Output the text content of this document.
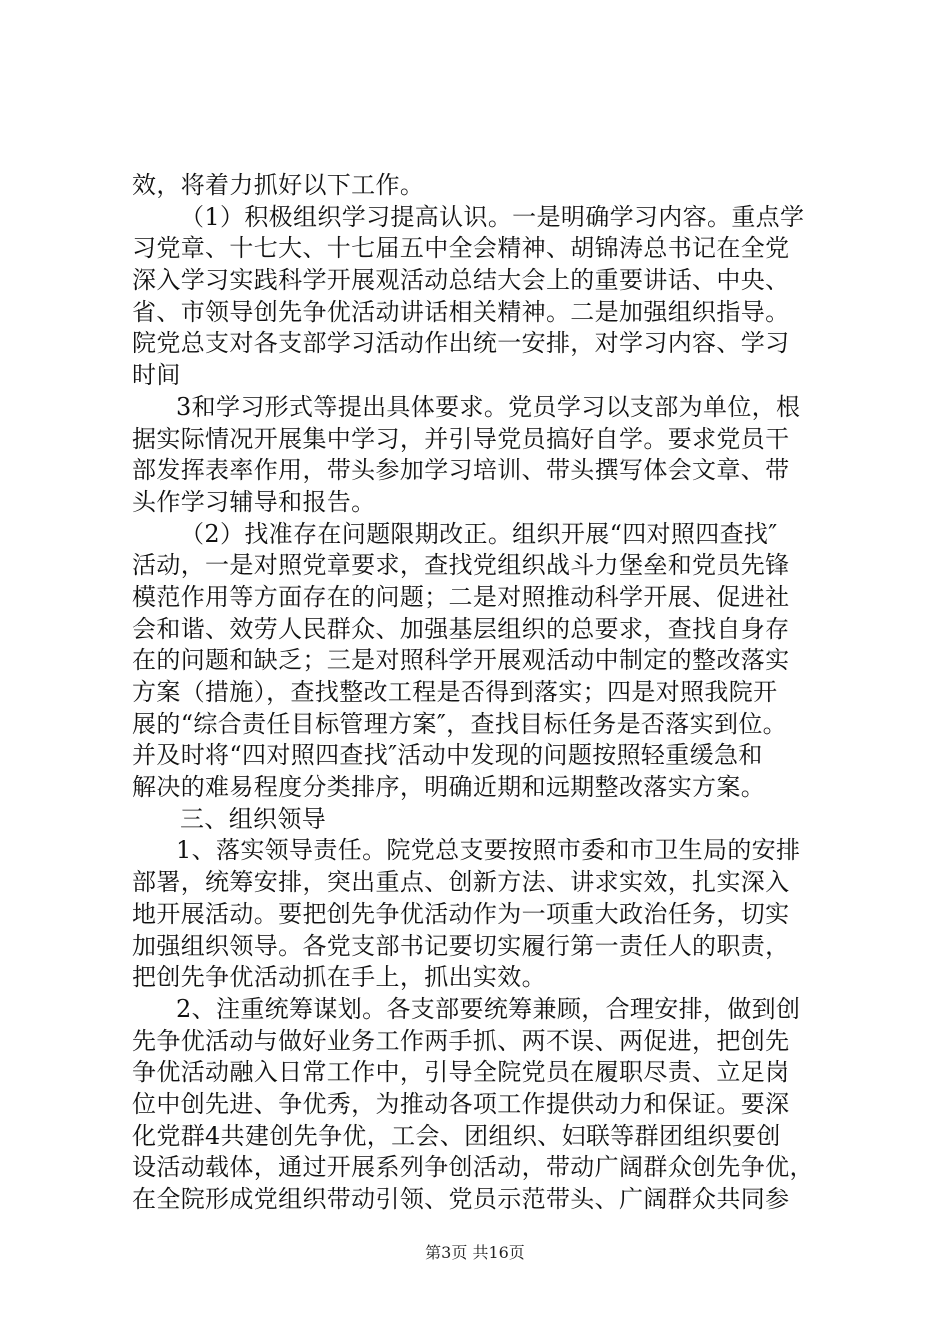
效，将着力抓好以下工作。
（1）积极组织学习提高认识。一是明确学习内容。重点学
习党章、十七大、十七届五中全会精神、胡锦涛总书记在全党
深入学习实践科学开展观活动总结大会上的重要讲话、中央、
省、市领导创先争优活动讲话相关精神。二是加强组织指导。
院党总支对各支部学习活动作出统一安排，对学习内容、学习
时间
3和学习形式等提出具体要求。党员学习以支部为单位，根
据实际情况开展集中学习，并引导党员搞好自学。要求党员干
部发挥表率作用，带头参加学习培训、带头撰写体会文章、带
头作学习辅导和报告。
（2）找准存在问题限期改正。组织开展“四对照四查找″
活动，一是对照党章要求，查找党组织战斗力堡垒和党员先锋
模范作用等方面存在的问题；二是对照推动科学开展、促进社
会和谐、效劳人民群众、加强基层组织的总要求，查找自身存
在的问题和缺乏；三是对照科学开展观活动中制定的整改落实
方案（措施），查找整改工程是否得到落实；四是对照我院开
展的“综合责任目标管理方案″，查找目标任务是否落实到位。
并及时将“四对照四查找″活动中发现的问题按照轻重缓急和
解决的难易程度分类排序，明确近期和远期整改落实方案。
三、组织领导
1、落实领导责任。院党总支要按照市委和市卫生局的安排
部署，统筹安排，突出重点、创新方法、讲求实效，扎实深入
地开展活动。要把创先争优活动作为一项重大政治任务，切实
加强组织领导。各党支部书记要切实履行第一责任人的职责，
把创先争优活动抓在手上，抓出实效。
2、注重统筹谋划。各支部要统筹兼顾，合理安排，做到创
先争优活动与做好业务工作两手抓、两不误、两促进，把创先
争优活动融入日常工作中，引导全院党员在履职尽责、立足岗
位中创先进、争优秀，为推动各项工作提供动力和保证。要深
化党群4共建创先争优，工会、团组织、妇联等群团组织要创
设活动载体，通过开展系列争创活动，带动广阔群众创先争优，
在全院形成党组织带动引领、党员示范带头、广阔群众共同参
第3页 共16页
